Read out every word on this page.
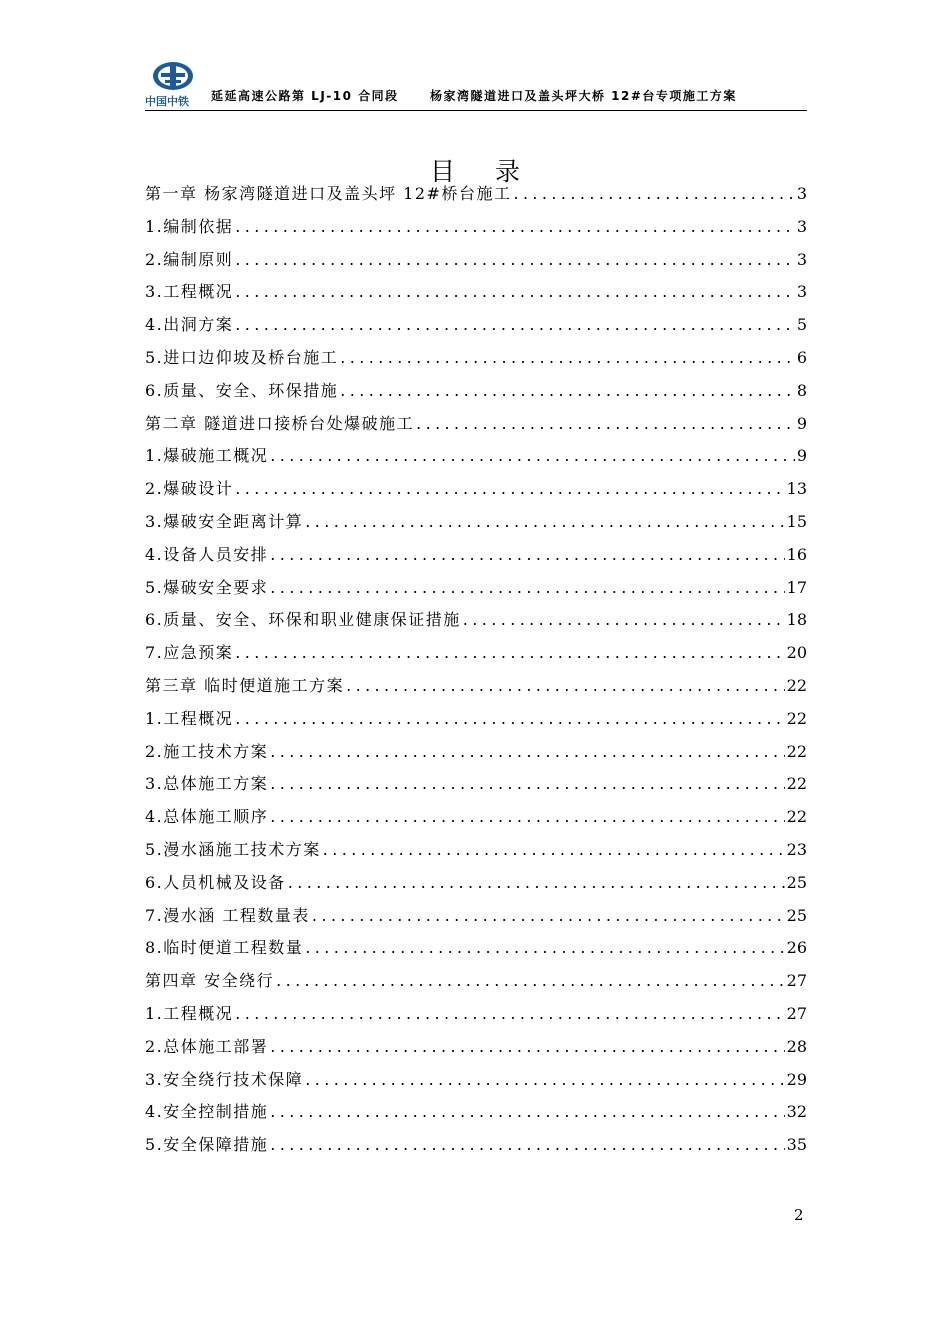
中国中铁	延延高速公路第 LJ-10 合同段	杨家湾隧道进口及盖头坪大桥 12#台专项施工方案
目录
第一章 杨家湾隧道进口及盖头坪 12#桥台施工 .....	3
1.编制依据 .....	3
2.编制原则 .....	3
3.工程概况 .....	3
4.出洞方案 .....	5
5.进口边仰坡及桥台施工 .....	6
6.质量、安全、环保措施 .....	8
第二章 隧道进口接桥台处爆破施工 .....	9
1.爆破施工概况 .....	9
2.爆破设计 .....	13
3.爆破安全距离计算 .....	15
4.设备人员安排 .....	16
5.爆破安全要求 .....	17
6.质量、安全、环保和职业健康保证措施 .....	18
7.应急预案 .....	20
第三章 临时便道施工方案 .....	22
1.工程概况 .....	22
2.施工技术方案 .....	22
3.总体施工方案 .....	22
4.总体施工顺序 .....	22
5.漫水涵施工技术方案 .....	23
6.人员机械及设备 .....	25
7.漫水涵 工程数量表 .....	25
8.临时便道工程数量 .....	26
第四章 安全绕行 .....	27
1.工程概况 .....	27
2.总体施工部署 .....	28
3.安全绕行技术保障 .....	29
4.安全控制措施 .....	32
5.安全保障措施 .....	35
2
